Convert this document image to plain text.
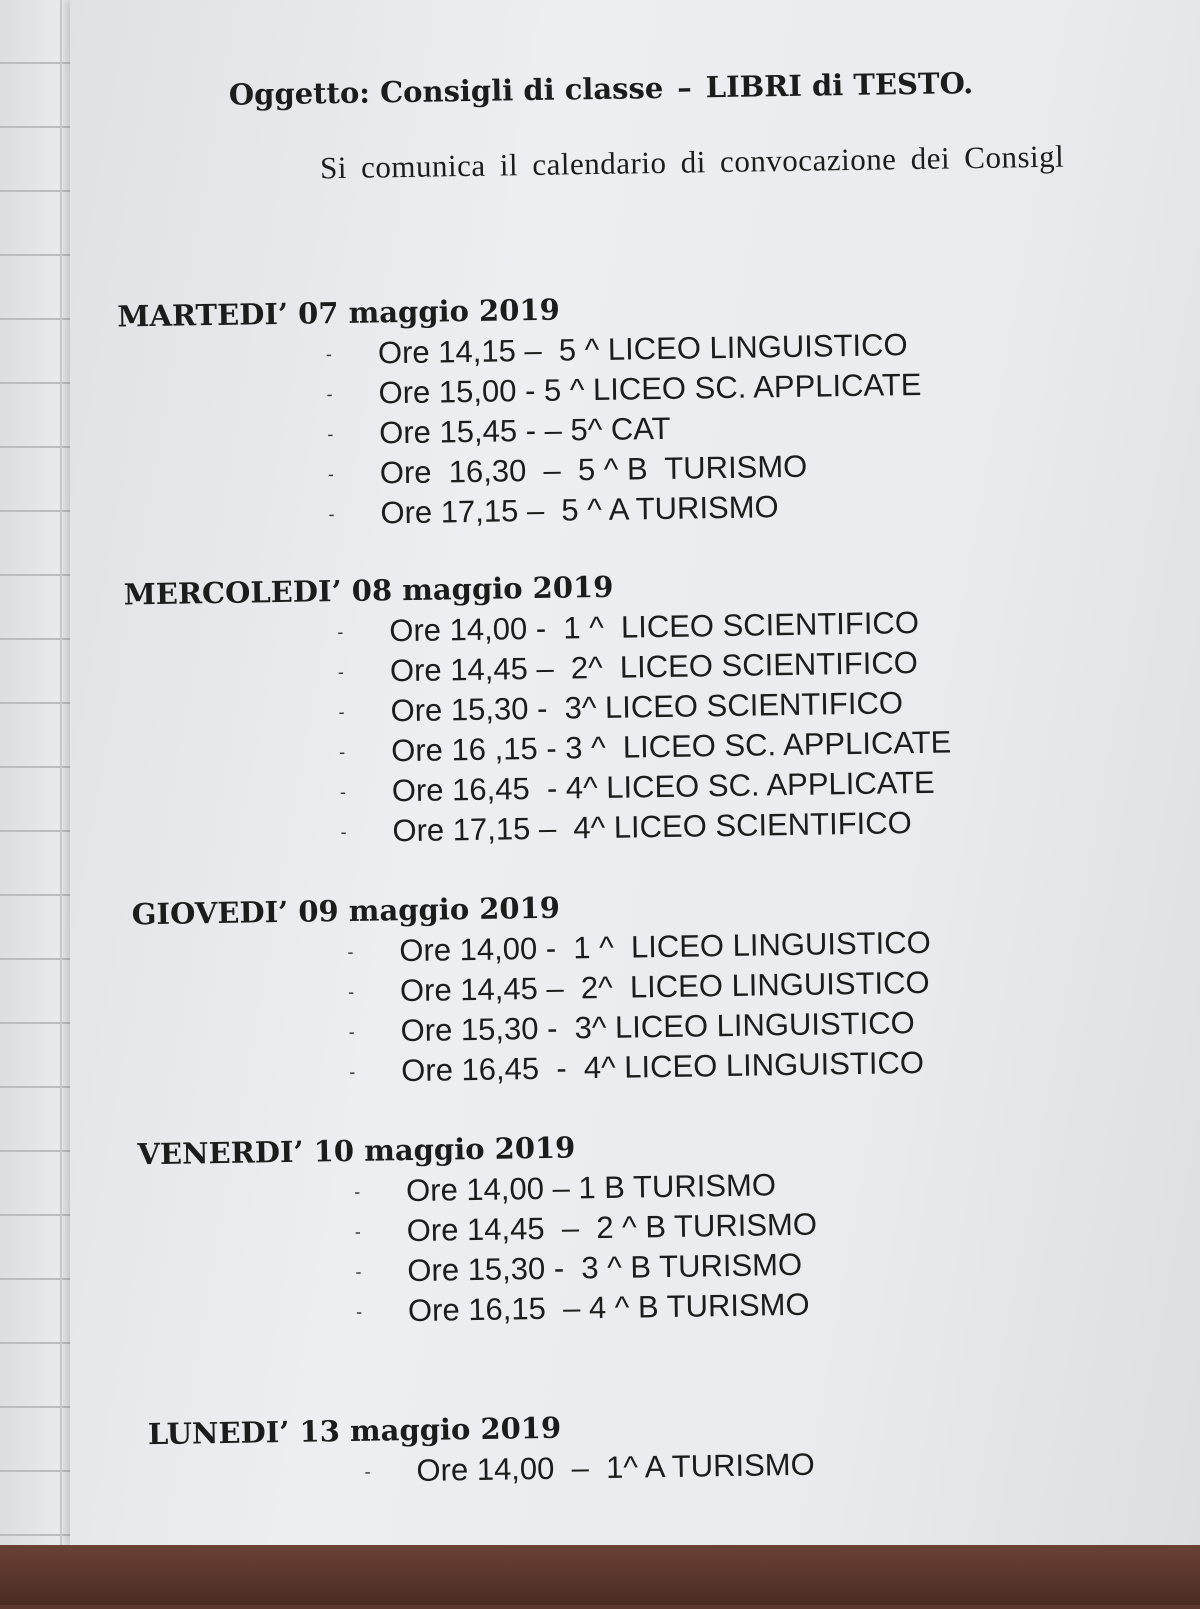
Oggetto: Consigli di classe – LIBRI di TESTO.
Si comunica il calendario di convocazione dei Consigl
MARTEDI’ 07 maggio 2019
- Ore 14,15 –  5 ^ LICEO LINGUISTICO
- Ore 15,00 - 5 ^ LICEO SC. APPLICATE
- Ore 15,45 - – 5^ CAT
- Ore  16,30  –  5 ^ B  TURISMO
- Ore 17,15 –  5 ^ A TURISMO
MERCOLEDI’ 08 maggio 2019
- Ore 14,00 -  1 ^  LICEO SCIENTIFICO
- Ore 14,45 –  2^  LICEO SCIENTIFICO
- Ore 15,30 -  3^ LICEO SCIENTIFICO
- Ore 16 ,15 - 3 ^  LICEO SC. APPLICATE
- Ore 16,45  - 4^ LICEO SC. APPLICATE
- Ore 17,15 –  4^ LICEO SCIENTIFICO
GIOVEDI’ 09 maggio 2019
- Ore 14,00 -  1 ^  LICEO LINGUISTICO
- Ore 14,45 –  2^  LICEO LINGUISTICO
- Ore 15,30 -  3^ LICEO LINGUISTICO
- Ore 16,45  -  4^ LICEO LINGUISTICO
VENERDI’ 10 maggio 2019
- Ore 14,00 – 1 B TURISMO
- Ore 14,45  –  2 ^ B TURISMO
- Ore 15,30 -  3 ^ B TURISMO
- Ore 16,15  – 4 ^ B TURISMO
LUNEDI’ 13 maggio 2019
- Ore 14,00  –  1^ A TURISMO
